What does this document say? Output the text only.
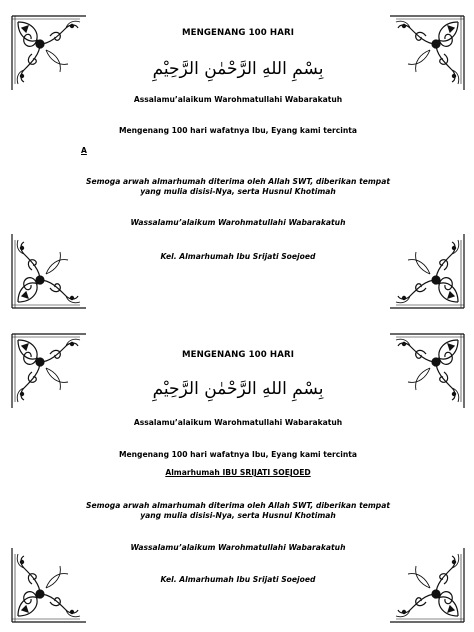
MENGENANG 100 HARI
بِسْمِ اللهِ الرَّحْمٰنِ الرَّحِيْمِ
Assalamu’alaikum Warohmatullahi Wabarakatuh
Mengenang 100 hari wafatnya Ibu, Eyang kami tercinta
A
Semoga arwah almarhumah diterima oleh Allah SWT, diberikan tempat
yang mulia disisi-Nya, serta Husnul Khotimah
Wassalamu’alaikum Warohmatullahi Wabarakatuh
Kel. Almarhumah Ibu Srijati Soejoed
MENGENANG 100 HARI
بِسْمِ اللهِ الرَّحْمٰنِ الرَّحِيْمِ
Assalamu’alaikum Warohmatullahi Wabarakatuh
Mengenang 100 hari wafatnya Ibu, Eyang kami tercinta
Almarhumah IBU SRIJATI SOEJOED
Semoga arwah almarhumah diterima oleh Allah SWT, diberikan tempat
yang mulia disisi-Nya, serta Husnul Khotimah
Wassalamu’alaikum Warohmatullahi Wabarakatuh
Kel. Almarhumah Ibu Srijati Soejoed
